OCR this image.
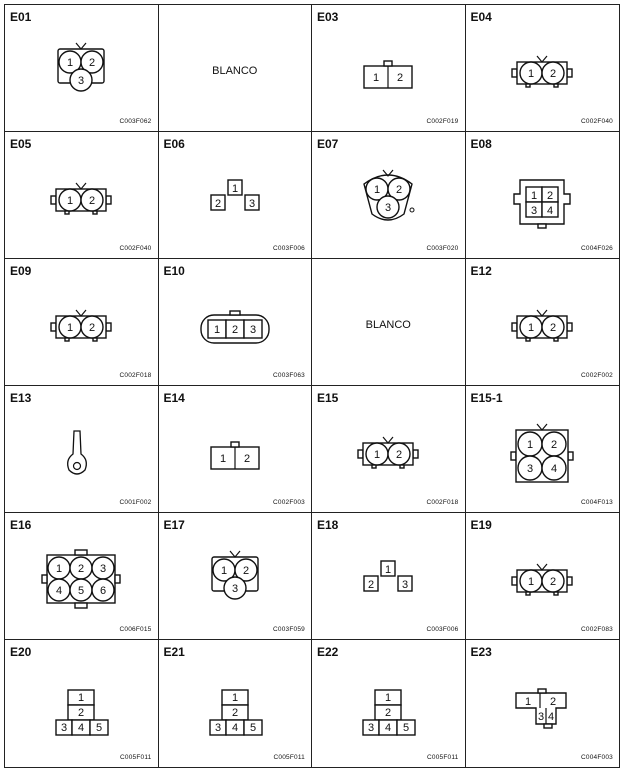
E01
1 2
3
C003F062
BLANCO
E03
1 2
C002F019
E04
1 2
C002F040
E05
1 2
C002F040
E06
1
2	3
C003F006
E07
1 2
3
C003F020
E08
1 2
3 4
C004F026
E09
1 2
C002F018
E10
1 2 3
C003F063
BLANCO
E12
1 2
C002F002
E13
C001F002
E14
1 2
C002F003
E15
1 2
C002F018
E15-1
1 2
3 4
C004F013
E16
1 2 3
4 5 6
C006F015
E17
1 2
3
C003F059
E18
1
2	3
C003F006
E19
1 2
C002F083
E20
1
2
3 4 5
C005F011
E21
1
2
3 4 5
C005F011
E22
1
2
3 4 5
C005F011
E23
1 2
3 4
C004F003
